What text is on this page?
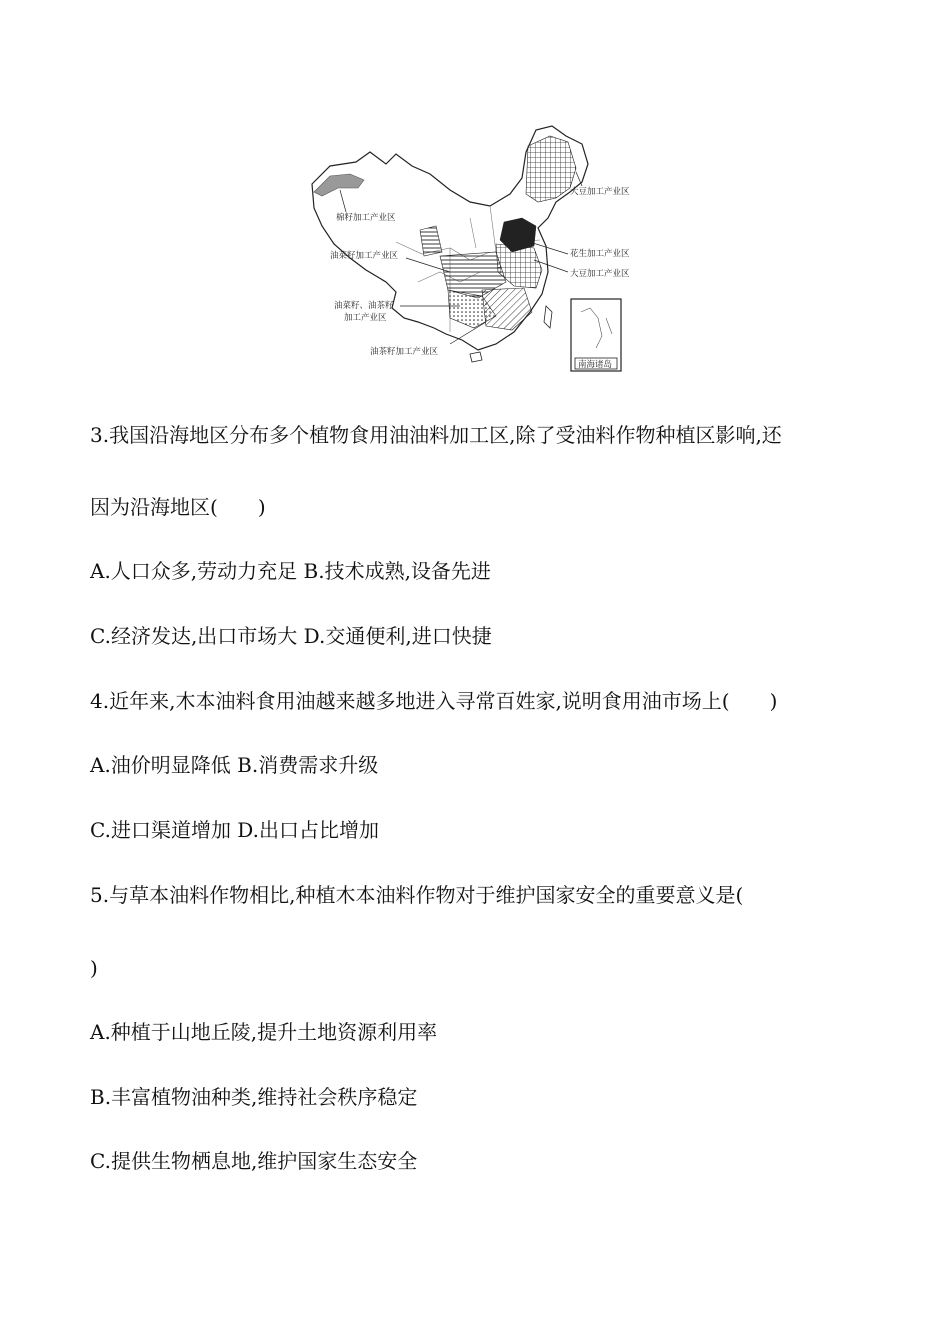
南海诸岛
棉籽加工产业区
大豆加工产业区
油菜籽加工产业区	花生加工产业区
大豆加工产业区
油菜籽、油茶籽
加工产业区
油茶籽加工产业区
3.我国沿海地区分布多个植物食用油油料加工区,除了受油料作物种植区影响,还
因为沿海地区( )
A.人口众多,劳动力充足 B.技术成熟,设备先进
C.经济发达,出口市场大 D.交通便利,进口快捷
4.近年来,木本油料食用油越来越多地进入寻常百姓家,说明食用油市场上( )
A.油价明显降低 B.消费需求升级
C.进口渠道增加 D.出口占比增加
5.与草本油料作物相比,种植木本油料作物对于维护国家安全的重要意义是(
)
A.种植于山地丘陵,提升土地资源利用率
B.丰富植物油种类,维持社会秩序稳定
C.提供生物栖息地,维护国家生态安全
